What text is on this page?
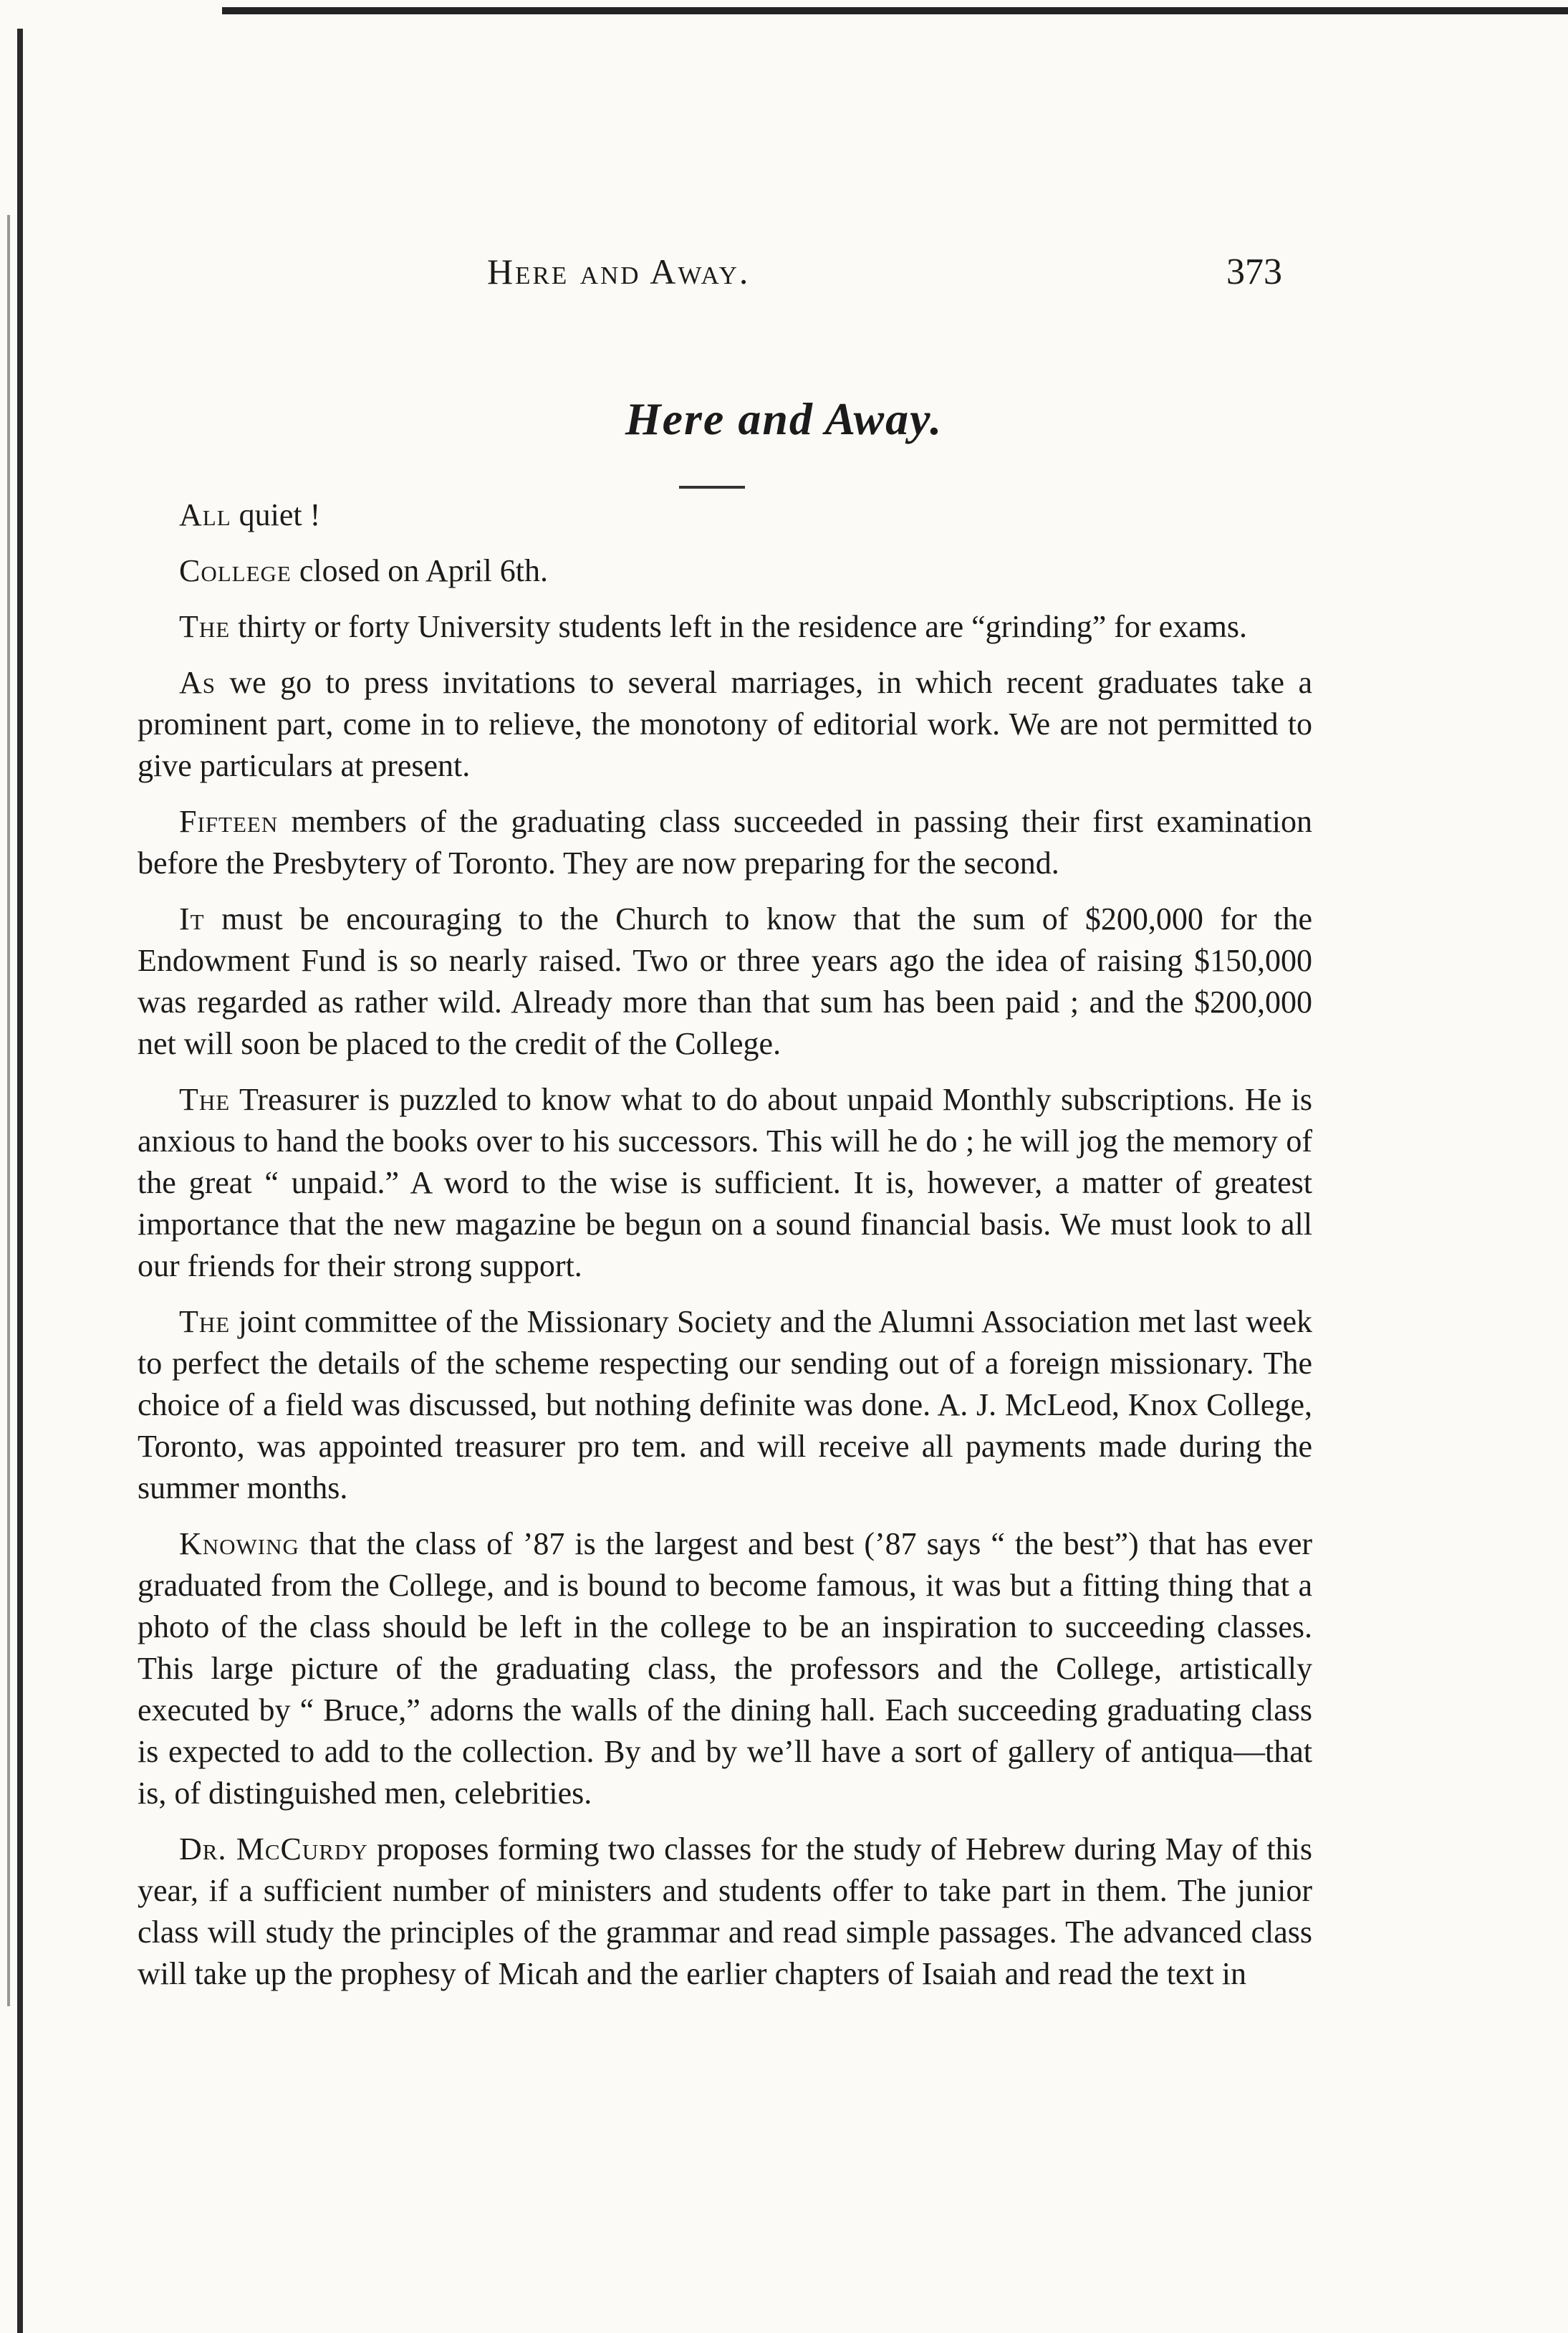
Here and Away.	373
Here and Away.

All quiet !

College closed on April 6th.

The thirty or forty University students left in the residence are “grinding” for exams.

As we go to press invitations to several marriages, in which recent graduates take a prominent part, come in to relieve, the monotony of editorial work. We are not permitted to give particulars at present.

Fifteen members of the graduating class succeeded in passing their first examination before the Presbytery of Toronto. They are now preparing for the second.

It must be encouraging to the Church to know that the sum of $200,000 for the Endowment Fund is so nearly raised. Two or three years ago the idea of raising $150,000 was regarded as rather wild. Already more than that sum has been paid ; and the $200,000 net will soon be placed to the credit of the College.

The Treasurer is puzzled to know what to do about unpaid Monthly subscriptions. He is anxious to hand the books over to his successors. This will he do ; he will jog the memory of the great “ unpaid.” A word to the wise is sufficient. It is, however, a matter of greatest importance that the new magazine be begun on a sound financial basis. We must look to all our friends for their strong support.

The joint committee of the Missionary Society and the Alumni Association met last week to perfect the details of the scheme respecting our sending out of a foreign missionary. The choice of a field was discussed, but nothing definite was done. A. J. McLeod, Knox College, Toronto, was appointed treasurer pro tem. and will receive all payments made during the summer months.

Knowing that the class of ’87 is the largest and best (’87 says “ the best”) that has ever graduated from the College, and is bound to become famous, it was but a fitting thing that a photo of the class should be left in the college to be an inspiration to succeeding classes. This large picture of the graduating class, the professors and the College, artistically executed by “ Bruce,” adorns the walls of the dining hall. Each succeeding graduating class is expected to add to the collection. By and by we’ll have a sort of gallery of antiqua—that is, of distinguished men, celebrities.

Dr. McCurdy proposes forming two classes for the study of Hebrew during May of this year, if a sufficient number of ministers and students offer to take part in them. The junior class will study the principles of the grammar and read simple passages. The advanced class will take up the prophesy of Micah and the earlier chapters of Isaiah and read the text in
